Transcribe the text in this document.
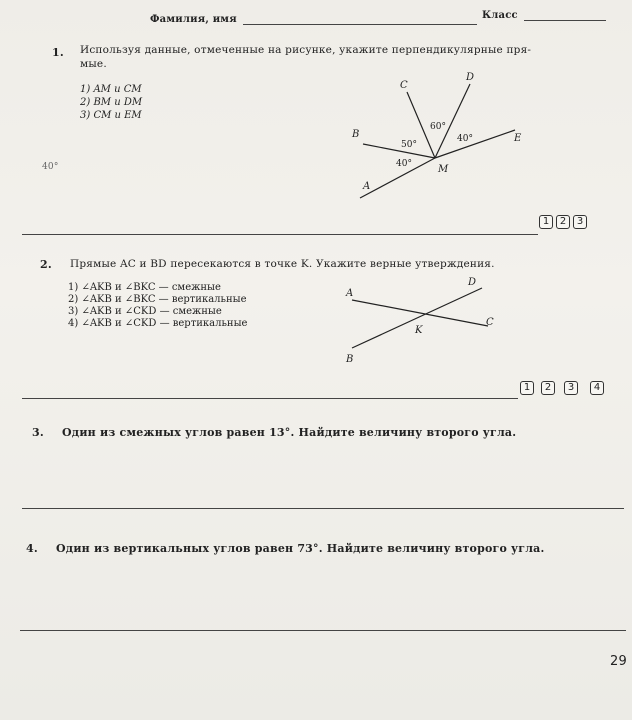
Фамилия, имя	Класс
1. Используя данные, отмеченные на рисунке, укажите перпендикулярные пря-
мые.
1) AM и CM
2) BM и DM
3) CM и EM
40°
C
D
B	E
M
A
60°
50°
40°
40°
1	2	3
2. Прямые AC и BD пересекаются в точке K. Укажите верные утверждения.
1) ∠AKB и ∠BKC — смежные
2) ∠AKB и ∠BKC — вертикальные
3) ∠AKB и ∠CKD — смежные
4) ∠AKB и ∠CKD — вертикальные
A
D
C
K
B
1	2	3	4
3. Один из смежных углов равен 13°. Найдите величину второго угла.
4. Один из вертикальных углов равен 73°. Найдите величину второго угла.
29
